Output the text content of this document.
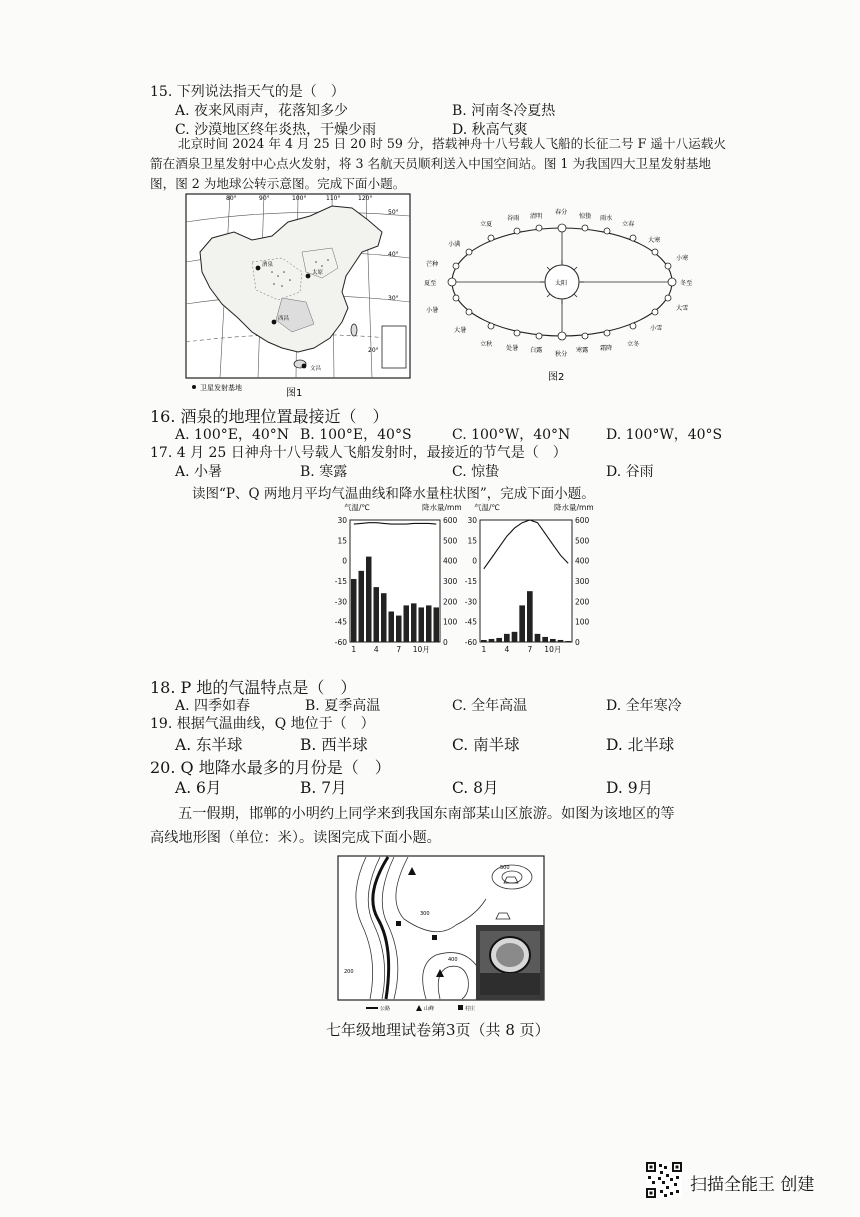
15. 下列说法指天气的是（　）
A. 夜来风雨声，花落知多少	B. 河南冬冷夏热
C. 沙漠地区终年炎热，干燥少雨	D. 秋高气爽
北京时间 2024 年 4 月 25 日 20 时 59 分，搭载神舟十八号载人飞船的长征二号 F 遥十八运载火
箭在酒泉卫星发射中心点火发射，将 3 名航天员顺利送入中国空间站。图 1 为我国四大卫星发射基地
图，图 2 为地球公转示意图。完成下面小题。
80°	90°	100°	110°	120°
50°
40°
30°
20°
酒泉
太原
西昌
文昌
卫星发射基地	图1
太阳
立夏
谷雨 清明
春分
惊蛰 雨水
立春
大寒
小寒
冬至
大雪
小雪
立冬
霜降
寒露
秋分
白露
处暑
立秋
大暑
小暑
夏至
芒种
小满
图2
16. 酒泉的地理位置最接近（　）
A. 100°E，40°N B. 100°E，40°S	C. 100°W，40°N	D. 100°W，40°S
17. 4 月 25 日神舟十八号载人飞船发射时，最接近的节气是（　）
A. 小暑	B. 寒露	C. 惊蛰	D. 谷雨
读图“P、Q 两地月平均气温曲线和降水量柱状图”，完成下面小题。
气温/℃	降水量/mm 气温/℃	降水量/mm
1 4 7 10月	1 4 7 10月
30
15
0
-15
-30
-45
-60
600	600
500	500
400	400
300	300
200	200
100	100
0	0
30
15
0
-15
-30
-45
-60
18. P 地的气温特点是（　）
A. 四季如春	B. 夏季高温	C. 全年高温	D. 全年寒冷
19. 根据气温曲线，Q 地位于（　）
A. 东半球	B. 西半球	C. 南半球	D. 北半球
20. Q 地降水最多的月份是（　）
A. 6月	B. 7月	C. 8月	D. 9月
五一假期，邯郸的小明约上同学来到我国东南部某山区旅游。如图为该地区的等
高线地形图（单位：米）。读图完成下面小题。
200
300
400
500
公路	山峰	村庄
七年级地理试卷第3页（共 8 页）
扫描全能王 创建
